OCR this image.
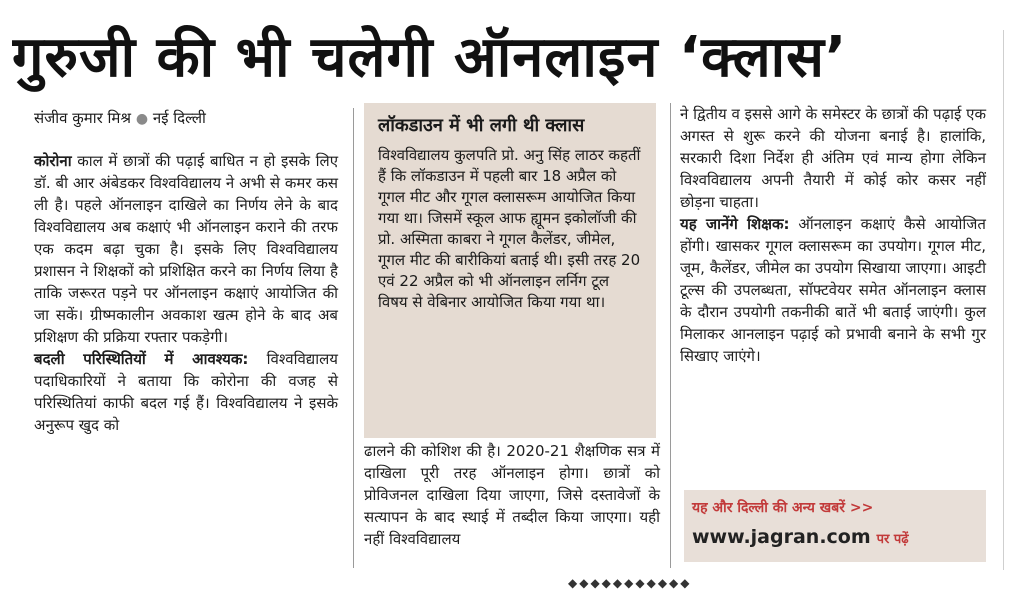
गुरुजी की भी चलेगी ऑनलाइन ‘क्लास’
संजीव कुमार मिश्र ● नई दिल्ली

कोरोना काल में छात्रों की पढ़ाई बाधित न हो इसके लिए डॉ. बी आर अंबेडकर विश्वविद्यालय ने अभी से कमर कस ली है। पहले ऑनलाइन दाखिले का निर्णय लेने के बाद विश्वविद्यालय अब कक्षाएं भी ऑनलाइन कराने की तरफ एक कदम बढ़ा चुका है। इसके लिए विश्वविद्यालय प्रशासन ने शिक्षकों को प्रशिक्षित करने का निर्णय लिया है ताकि जरूरत पड़ने पर ऑनलाइन कक्षाएं आयोजित की जा सकें। ग्रीष्मकालीन अवकाश खत्म होने के बाद अब प्रशिक्षण की प्रक्रिया रफ्तार पकड़ेगी।

बदली परिस्थितियों में आवश्यक: विश्वविद्यालय पदाधिकारियों ने बताया कि कोरोना की वजह से परिस्थितियां काफी बदल गई हैं। विश्वविद्यालय ने इसके अनुरूप खुद को

लॉकडाउन में भी लगी थी क्लास
विश्वविद्यालय कुलपति प्रो. अनु सिंह लाठर कहतीं हैं कि लॉकडाउन में पहली बार 18 अप्रैल को गूगल मीट और गूगल क्लासरूम आयोजित किया गया था। जिसमें स्कूल आफ ह्यूमन इकोलॉजी की प्रो. अस्मिता काबरा ने गूगल कैलेंडर, जीमेल, गूगल मीट की बारीकियां बताई थी। इसी तरह 20 एवं 22 अप्रैल को भी ऑनलाइन लर्निग टूल विषय से वेबिनार आयोजित किया गया था।

ढालने की कोशिश की है। 2020-21 शैक्षणिक सत्र में दाखिला पूरी तरह ऑनलाइन होगा। छात्रों को प्रोविजनल दाखिला दिया जाएगा, जिसे दस्तावेजों के सत्यापन के बाद स्थाई में तब्दील किया जाएगा। यही नहीं विश्वविद्यालय

ने द्वितीय व इससे आगे के समेस्टर के छात्रों की पढ़ाई एक अगस्त से शुरू करने की योजना बनाई है। हालांकि, सरकारी दिशा निर्देश ही अंतिम एवं मान्य होगा लेकिन विश्वविद्यालय अपनी तैयारी में कोई कोर कसर नहीं छोड़ना चाहता।

यह जानेंगे शिक्षक: ऑनलाइन कक्षाएं कैसे आयोजित होंगी। खासकर गूगल क्लासरूम का उपयोग। गूगल मीट, जूम, कैलेंडर, जीमेल का उपयोग सिखाया जाएगा। आइटी टूल्स की उपलब्धता, सॉफ्टवेयर समेत ऑनलाइन क्लास के दौरान उपयोगी तकनीकी बातें भी बताई जाएंगी। कुल मिलाकर आनलाइन पढ़ाई को प्रभावी बनाने के सभी गुर सिखाए जाएंगे।

यह और दिल्ली की अन्य खबरें >>
www.jagran.com पर पढ़ें
◆◆◆◆◆◆◆◆◆◆◆
